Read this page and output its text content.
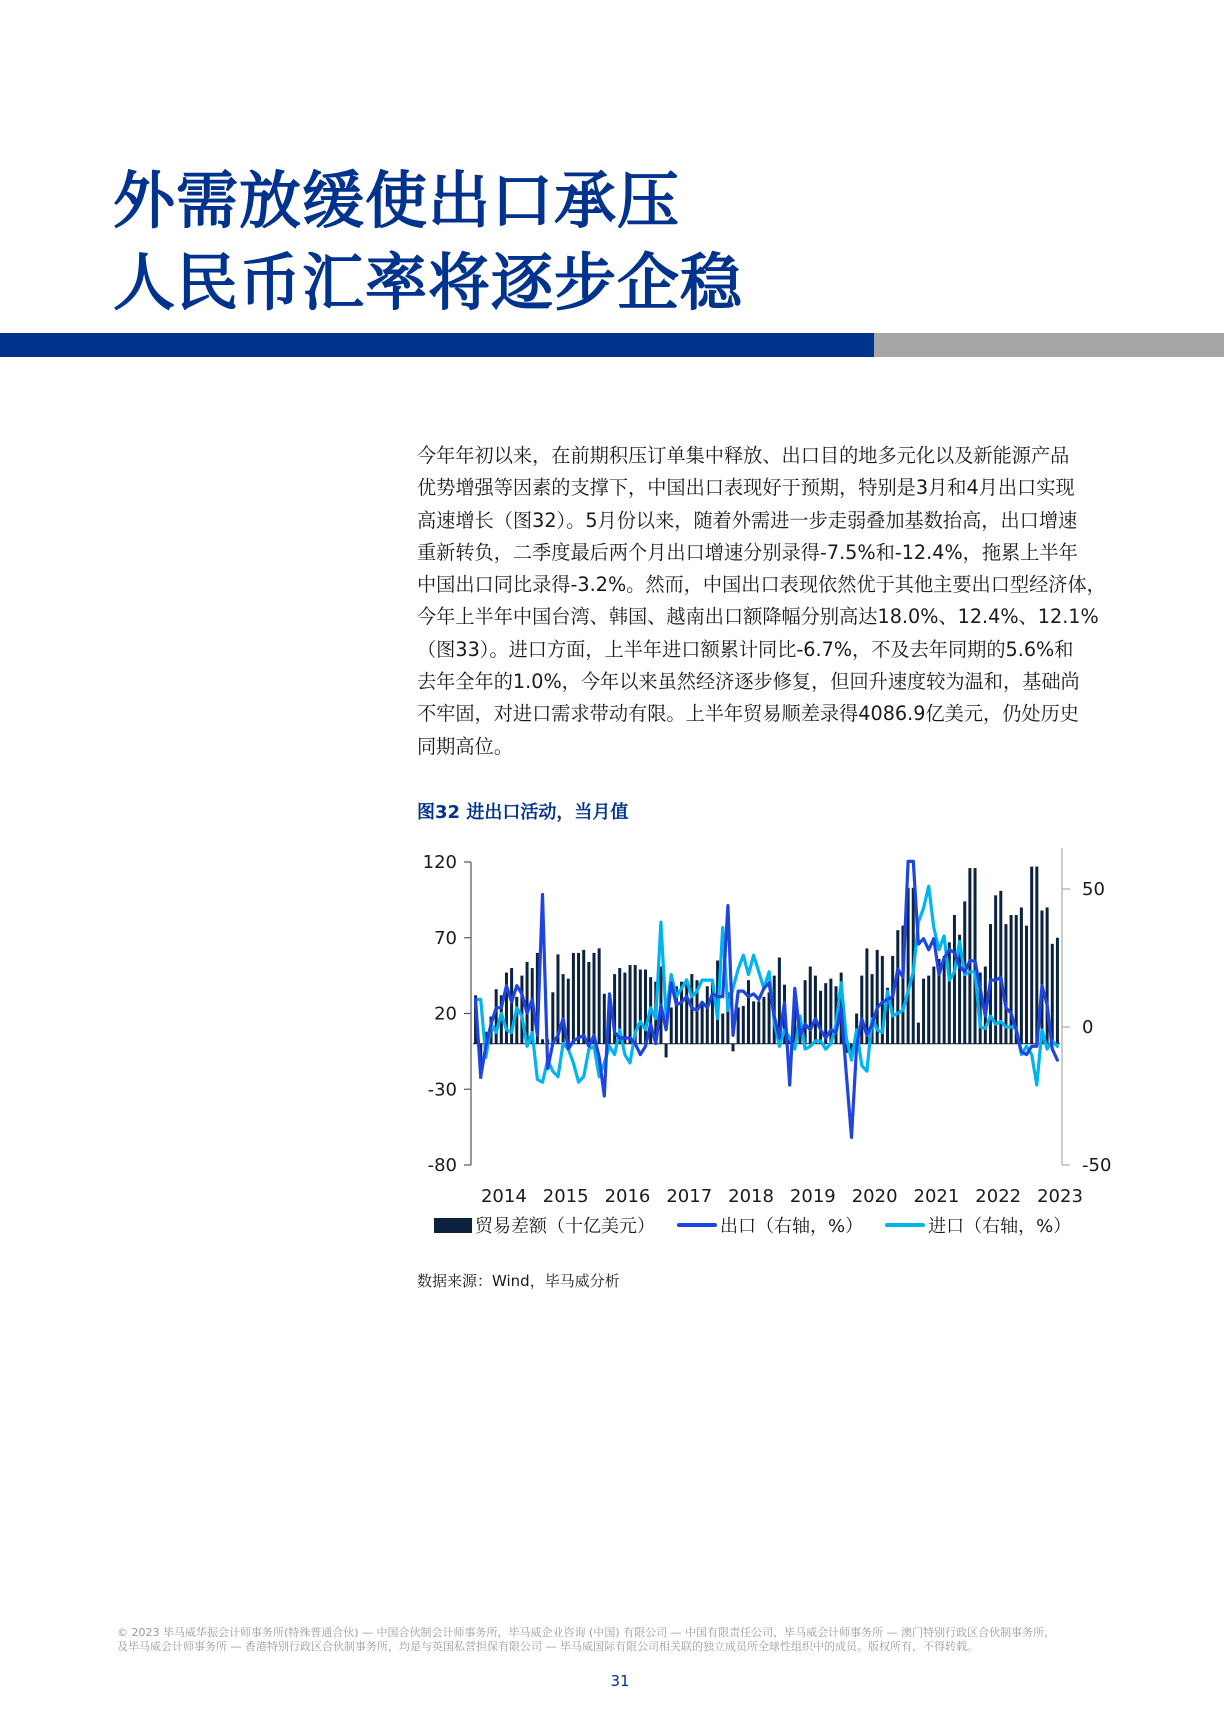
外需放缓使出口承压
人民币汇率将逐步企稳
今年年初以来，在前期积压订单集中释放、出口目的地多元化以及新能源产品
优势增强等因素的支撑下，中国出口表现好于预期，特别是3月和4月出口实现
高速增长（图32）。5月份以来，随着外需进一步走弱叠加基数抬高，出口增速
重新转负，二季度最后两个月出口增速分别录得-7.5%和-12.4%，拖累上半年
中国出口同比录得-3.2%。然而，中国出口表现依然优于其他主要出口型经济体，
今年上半年中国台湾、韩国、越南出口额降幅分别高达18.0%、12.4%、12.1%
（图33）。进口方面，上半年进口额累计同比-6.7%，不及去年同期的5.6%和
去年全年的1.0%，今年以来虽然经济逐步修复，但回升速度较为温和，基础尚
不牢固，对进口需求带动有限。上半年贸易顺差录得4086.9亿美元，仍处历史
同期高位。
图32 进出口活动，当月值
120
70
20
-30
-80
50
0
-50
2014 2015 2016 2017 2018 2019 2020 2021 2022 2023
贸易差额（十亿美元）	出口（右轴，%）	进口（右轴，%）
数据来源：Wind，毕马威分析
© 2023 毕马威华振会计师事务所(特殊普通合伙) — 中国合伙制会计师事务所，毕马威企业咨询 (中国) 有限公司 — 中国有限责任公司，毕马威会计师事务所 — 澳门特别行政区合伙制事务所，
及毕马威会计师事务所 — 香港特别行政区合伙制事务所，均是与英国私营担保有限公司 — 毕马威国际有限公司相关联的独立成员所全球性组织中的成员。版权所有，不得转载。
31
